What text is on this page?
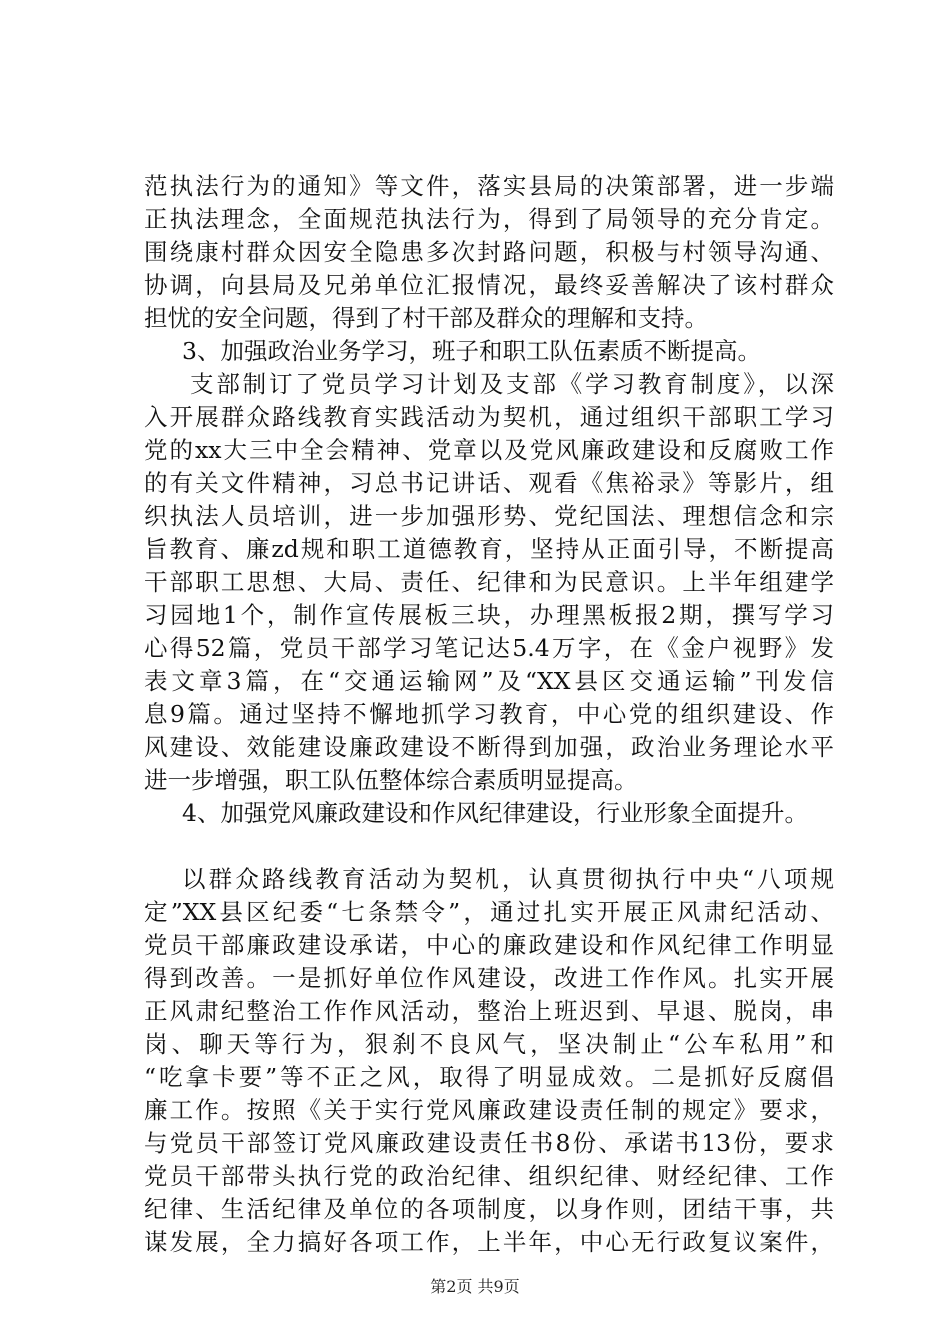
范执法行为的通知》等文件，落实县局的决策部署，进一步端
正执法理念，全面规范执法行为，得到了局领导的充分肯定。
围绕康村群众因安全隐患多次封路问题，积极与村领导沟通、
协调，向县局及兄弟单位汇报情况，最终妥善解决了该村群众
担忧的安全问题，得到了村干部及群众的理解和支持。
3、加强政治业务学习，班子和职工队伍素质不断提高。
支部制订了党员学习计划及支部《学习教育制度》，以深
入开展群众路线教育实践活动为契机，通过组织干部职工学习
党的xx大三中全会精神、党章以及党风廉政建设和反腐败工作
的有关文件精神，习总书记讲话、观看《焦裕录》等影片，组
织执法人员培训，进一步加强形势、党纪国法、理想信念和宗
旨教育、廉zd规和职工道德教育，坚持从正面引导，不断提高
干部职工思想、大局、责任、纪律和为民意识。上半年组建学
习园地1个，制作宣传展板三块，办理黑板报2期，撰写学习
心得52篇，党员干部学习笔记达5.4万字，在《金户视野》发
表文章3篇，在“交通运输网”及“XX县区交通运输”刊发信
息9篇。通过坚持不懈地抓学习教育，中心党的组织建设、作
风建设、效能建设廉政建设不断得到加强，政治业务理论水平
进一步增强，职工队伍整体综合素质明显提高。
4、加强党风廉政建设和作风纪律建设，行业形象全面提升。
以群众路线教育活动为契机，认真贯彻执行中央“八项规
定”XX县区纪委“七条禁令”，通过扎实开展正风肃纪活动、
党员干部廉政建设承诺，中心的廉政建设和作风纪律工作明显
得到改善。一是抓好单位作风建设，改进工作作风。扎实开展
正风肃纪整治工作作风活动，整治上班迟到、早退、脱岗，串
岗、聊天等行为，狠刹不良风气，坚决制止“公车私用”和
“吃拿卡要”等不正之风，取得了明显成效。二是抓好反腐倡
廉工作。按照《关于实行党风廉政建设责任制的规定》要求，
与党员干部签订党风廉政建设责任书8份、承诺书13份，要求
党员干部带头执行党的政治纪律、组织纪律、财经纪律、工作
纪律、生活纪律及单位的各项制度，以身作则，团结干事，共
谋发展，全力搞好各项工作，上半年，中心无行政复议案件，
第2页 共9页
